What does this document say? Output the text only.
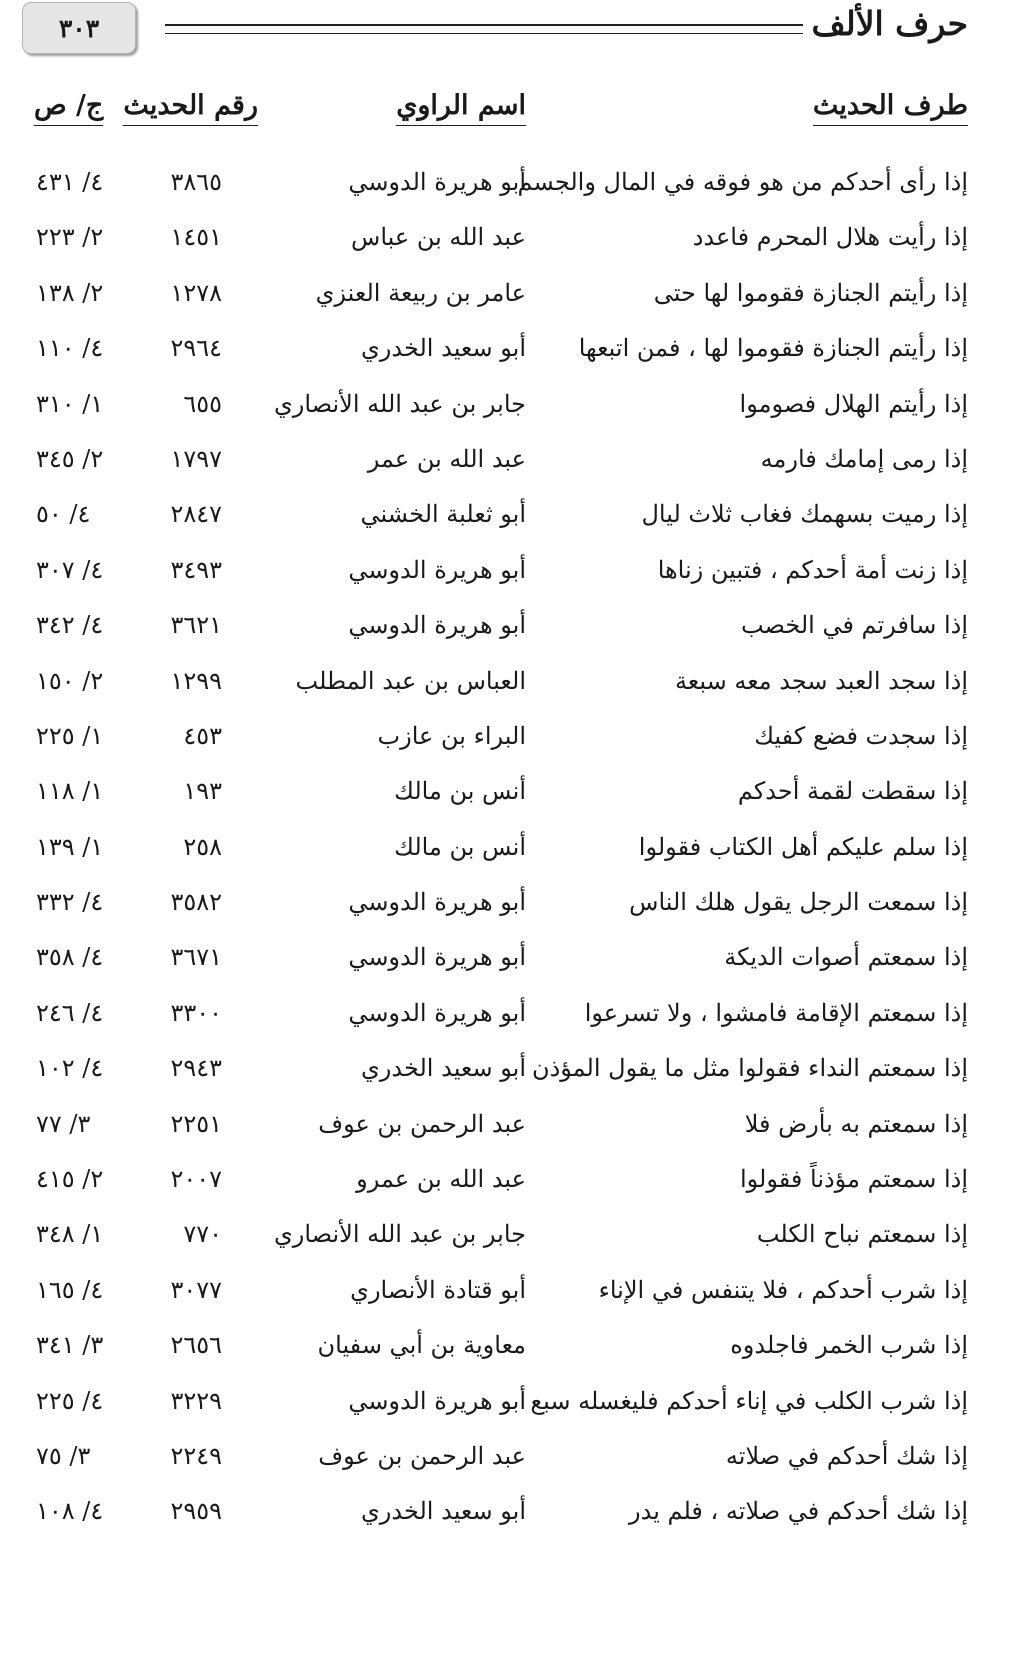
٣٠٣	حرف الألف
طرف الحديث
اسم الراوي
رقم الحديث
ج/ ص
إذا رأى أحدكم من هو فوقه في المال والجسم
أبو هريرة الدوسي
٣٨٦٥
٤/ ٤٣١
إذا رأيت هلال المحرم فاعدد
عبد الله بن عباس
١٤٥١
٢/ ٢٢٣
إذا رأيتم الجنازة فقوموا لها حتى
عامر بن ربيعة العنزي
١٢٧٨
٢/ ١٣٨
إذا رأيتم الجنازة فقوموا لها ، فمن اتبعها
أبو سعيد الخدري
٢٩٦٤
٤/ ١١٠
إذا رأيتم الهلال فصوموا
جابر بن عبد الله الأنصاري
٦٥٥
١/ ٣١٠
إذا رمى إمامك فارمه
عبد الله بن عمر
١٧٩٧
٢/ ٣٤٥
إذا رميت بسهمك فغاب ثلاث ليال
أبو ثعلبة الخشني
٢٨٤٧
٤/ ٥٠
إذا زنت أمة أحدكم ، فتبين زناها
أبو هريرة الدوسي
٣٤٩٣
٤/ ٣٠٧
إذا سافرتم في الخصب
أبو هريرة الدوسي
٣٦٢١
٤/ ٣٤٢
إذا سجد العبد سجد معه سبعة
العباس بن عبد المطلب
١٢٩٩
٢/ ١٥٠
إذا سجدت فضع كفيك
البراء بن عازب
٤٥٣
١/ ٢٢٥
إذا سقطت لقمة أحدكم
أنس بن مالك
١٩٣
١/ ١١٨
إذا سلم عليكم أهل الكتاب فقولوا
أنس بن مالك
٢٥٨
١/ ١٣٩
إذا سمعت الرجل يقول هلك الناس
أبو هريرة الدوسي
٣٥٨٢
٤/ ٣٣٢
إذا سمعتم أصوات الديكة
أبو هريرة الدوسي
٣٦٧١
٤/ ٣٥٨
إذا سمعتم الإقامة فامشوا ، ولا تسرعوا
أبو هريرة الدوسي
٣٣٠٠
٤/ ٢٤٦
إذا سمعتم النداء فقولوا مثل ما يقول المؤذن
أبو سعيد الخدري
٢٩٤٣
٤/ ١٠٢
إذا سمعتم به بأرض فلا
عبد الرحمن بن عوف
٢٢٥١
٣/ ٧٧
إذا سمعتم مؤذناً فقولوا
عبد الله بن عمرو
٢٠٠٧
٢/ ٤١٥
إذا سمعتم نباح الكلب
جابر بن عبد الله الأنصاري
٧٧٠
١/ ٣٤٨
إذا شرب أحدكم ، فلا يتنفس في الإناء
أبو قتادة الأنصاري
٣٠٧٧
٤/ ١٦٥
إذا شرب الخمر فاجلدوه
معاوية بن أبي سفيان
٢٦٥٦
٣/ ٣٤١
إذا شرب الكلب في إناء أحدكم فليغسله سبع
أبو هريرة الدوسي
٣٢٢٩
٤/ ٢٢٥
إذا شك أحدكم في صلاته
عبد الرحمن بن عوف
٢٢٤٩
٣/ ٧٥
إذا شك أحدكم في صلاته ، فلم يدر
أبو سعيد الخدري
٢٩٥٩
٤/ ١٠٨
